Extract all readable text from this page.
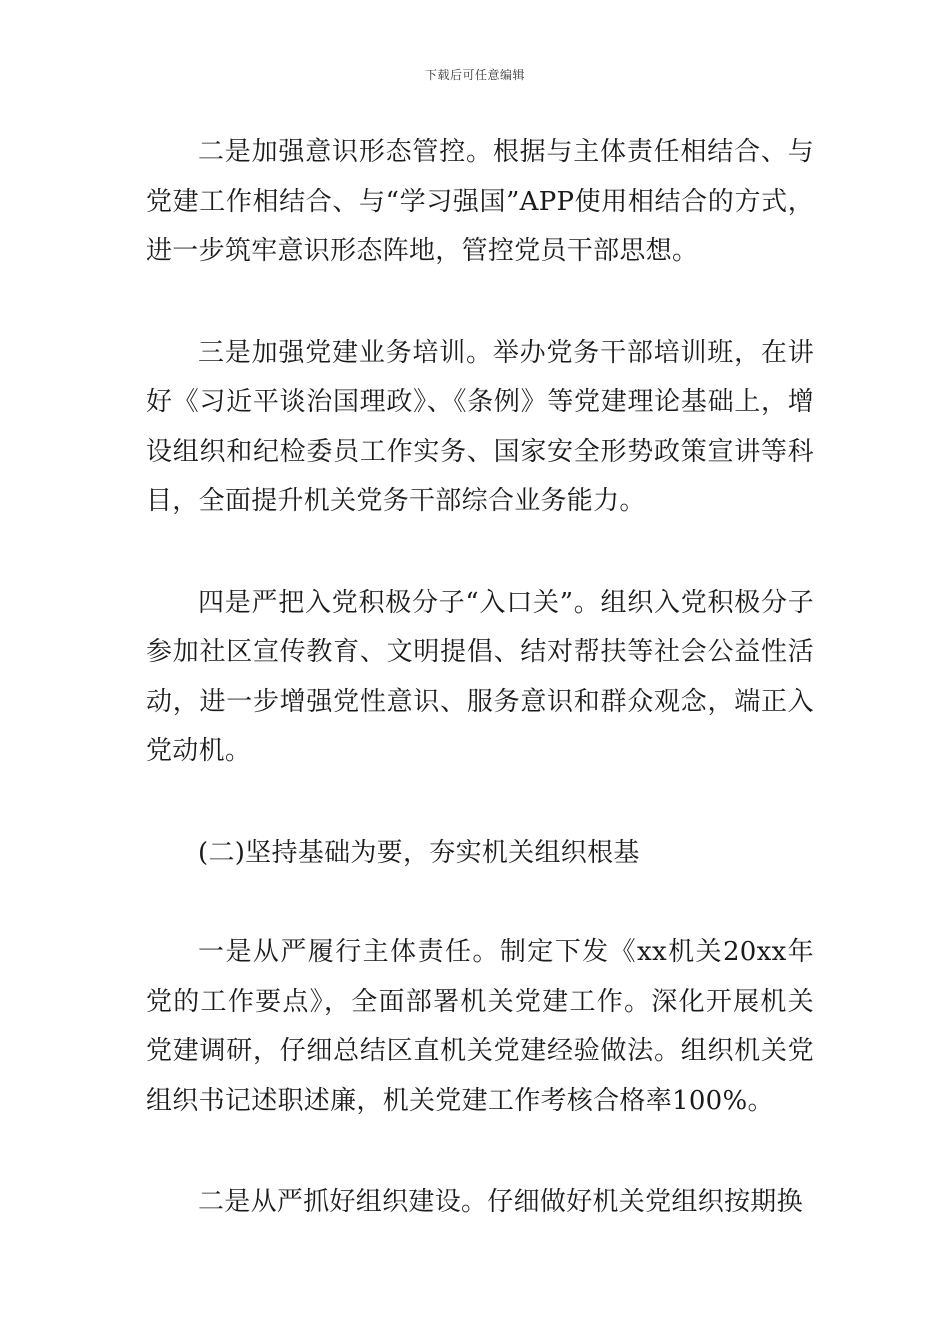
下载后可任意编辑

二是加强意识形态管控。根据与主体责任相结合、与党建工作相结合、与“学习强国”APP使用相结合的方式，进一步筑牢意识形态阵地，管控党员干部思想。

三是加强党建业务培训。举办党务干部培训班，在讲好《习近平谈治国理政》、《条例》等党建理论基础上，增设组织和纪检委员工作实务、国家安全形势政策宣讲等科目，全面提升机关党务干部综合业务能力。

四是严把入党积极分子“入口关”。组织入党积极分子参加社区宣传教育、文明提倡、结对帮扶等社会公益性活动，进一步增强党性意识、服务意识和群众观念，端正入党动机。

(二)坚持基础为要，夯实机关组织根基

一是从严履行主体责任。制定下发《xx机关20xx年党的工作要点》，全面部署机关党建工作。深化开展机关党建调研，仔细总结区直机关党建经验做法。组织机关党组织书记述职述廉，机关党建工作考核合格率100%。

二是从严抓好组织建设。仔细做好机关党组织按期换
